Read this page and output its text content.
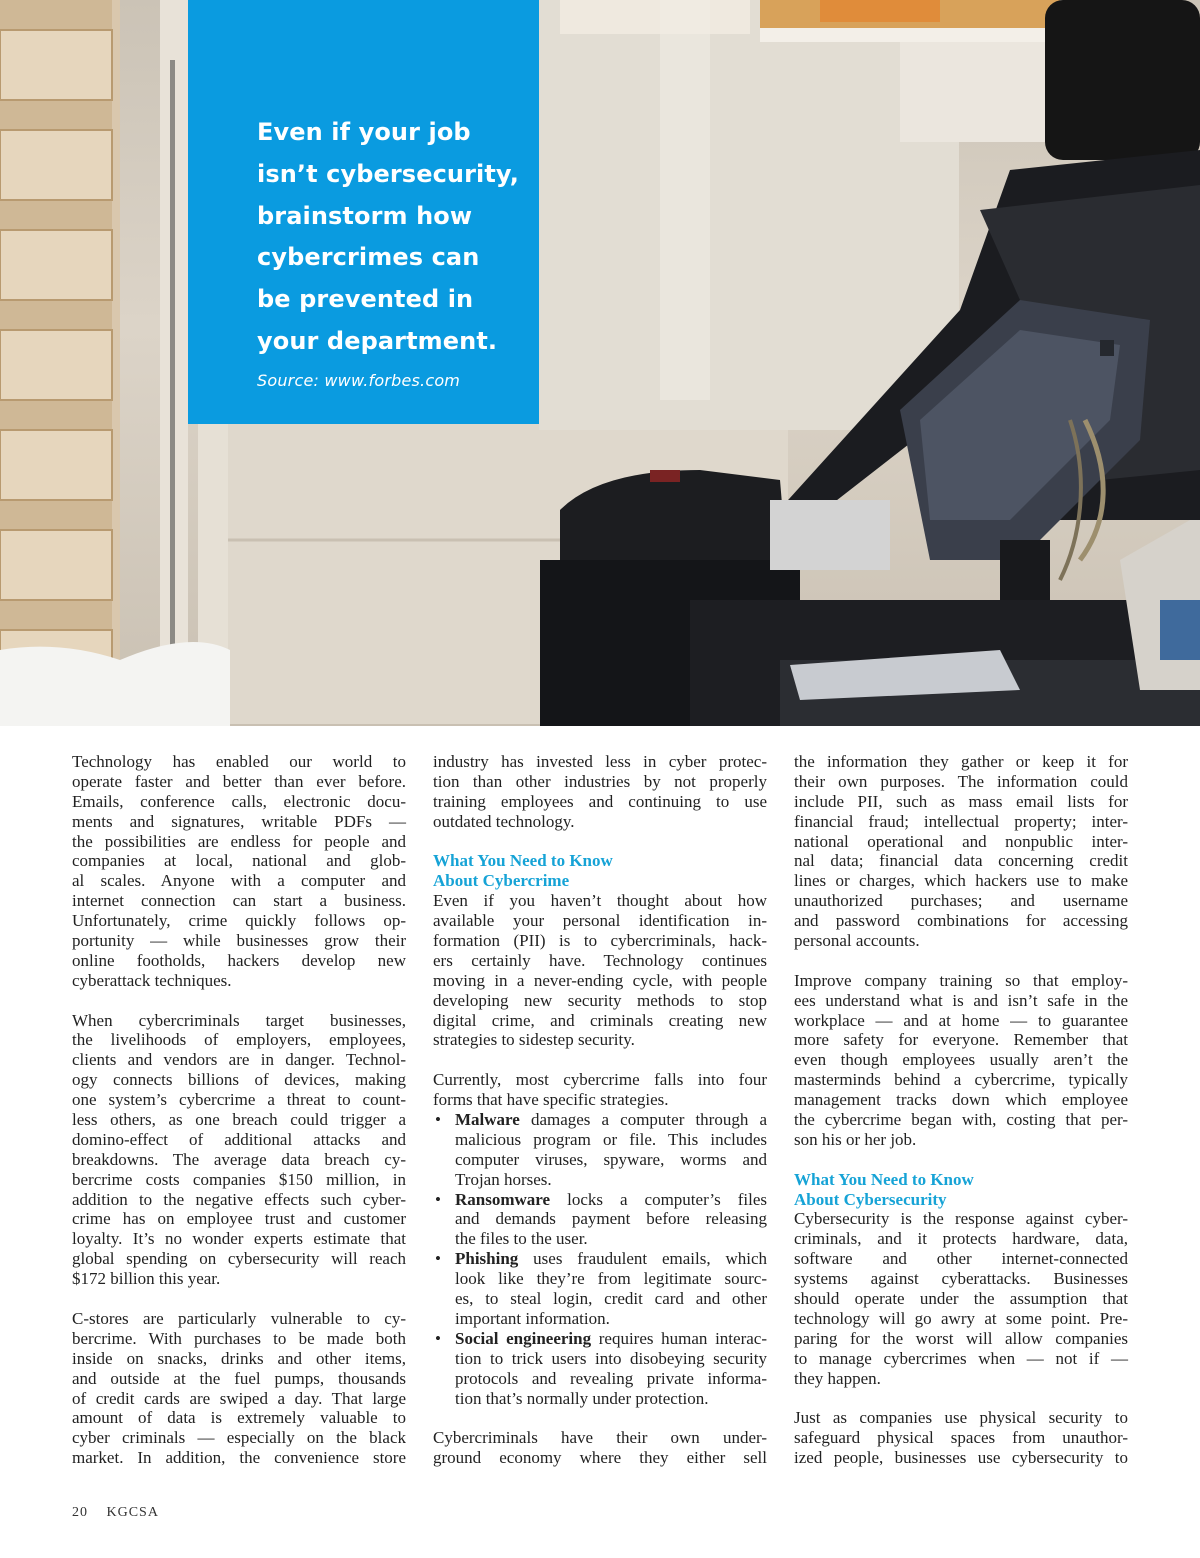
Even if your job
isn’t cybersecurity,
brainstorm how
cybercrimes can
be prevented in
your department.
Source: www.forbes.com
Technology has enabled our world to
operate faster and better than ever before.
Emails, conference calls, electronic docu-
ments and signatures, writable PDFs —
the possibilities are endless for people and
companies at local, national and glob-
al scales. Anyone with a computer and
internet connection can start a business.
Unfortunately, crime quickly follows op-
portunity — while businesses grow their
online footholds, hackers develop new
cyberattack techniques.
When cybercriminals target businesses,
the livelihoods of employers, employees,
clients and vendors are in danger. Technol-
ogy connects billions of devices, making
one system’s cybercrime a threat to count-
less others, as one breach could trigger a
domino-effect of additional attacks and
breakdowns. The average data breach cy-
bercrime costs companies $150 million, in
addition to the negative effects such cyber-
crime has on employee trust and customer
loyalty. It’s no wonder experts estimate that
global spending on cybersecurity will reach
$172 billion this year.
C-stores are particularly vulnerable to cy-
bercrime. With purchases to be made both
inside on snacks, drinks and other items,
and outside at the fuel pumps, thousands
of credit cards are swiped a day. That large
amount of data is extremely valuable to
cyber criminals — especially on the black
market. In addition, the convenience store
industry has invested less in cyber protec-
tion than other industries by not properly
training employees and continuing to use
outdated technology.
What You Need to Know
About Cybercrime
Even if you haven’t thought about how
available your personal identification in-
formation (PII) is to cybercriminals, hack-
ers certainly have. Technology continues
moving in a never-ending cycle, with people
developing new security methods to stop
digital crime, and criminals creating new
strategies to sidestep security.
Currently, most cybercrime falls into four
forms that have specific strategies.
• Malware damages a computer through a
malicious program or file. This includes
computer viruses, spyware, worms and
Trojan horses.
• Ransomware locks a computer’s files
and demands payment before releasing
the files to the user.
• Phishing uses fraudulent emails, which
look like they’re from legitimate sourc-
es, to steal login, credit card and other
important information.
• Social engineering requires human interac-
tion to trick users into disobeying security
protocols and revealing private informa-
tion that’s normally under protection.
Cybercriminals have their own under-
ground economy where they either sell
the information they gather or keep it for
their own purposes. The information could
include PII, such as mass email lists for
financial fraud; intellectual property; inter-
national operational and nonpublic inter-
nal data; financial data concerning credit
lines or charges, which hackers use to make
unauthorized purchases; and username
and password combinations for accessing
personal accounts.
Improve company training so that employ-
ees understand what is and isn’t safe in the
workplace — and at home — to guarantee
more safety for everyone. Remember that
even though employees usually aren’t the
masterminds behind a cybercrime, typically
management tracks down which employee
the cybercrime began with, costing that per-
son his or her job.
What You Need to Know
About Cybersecurity
Cybersecurity is the response against cyber-
criminals, and it protects hardware, data,
software and other internet-connected
systems against cyberattacks. Businesses
should operate under the assumption that
technology will go awry at some point. Pre-
paring for the worst will allow companies
to manage cybercrimes when — not if —
they happen.
Just as companies use physical security to
safeguard physical spaces from unauthor-
ized people, businesses use cybersecurity to
20 KGCSA
